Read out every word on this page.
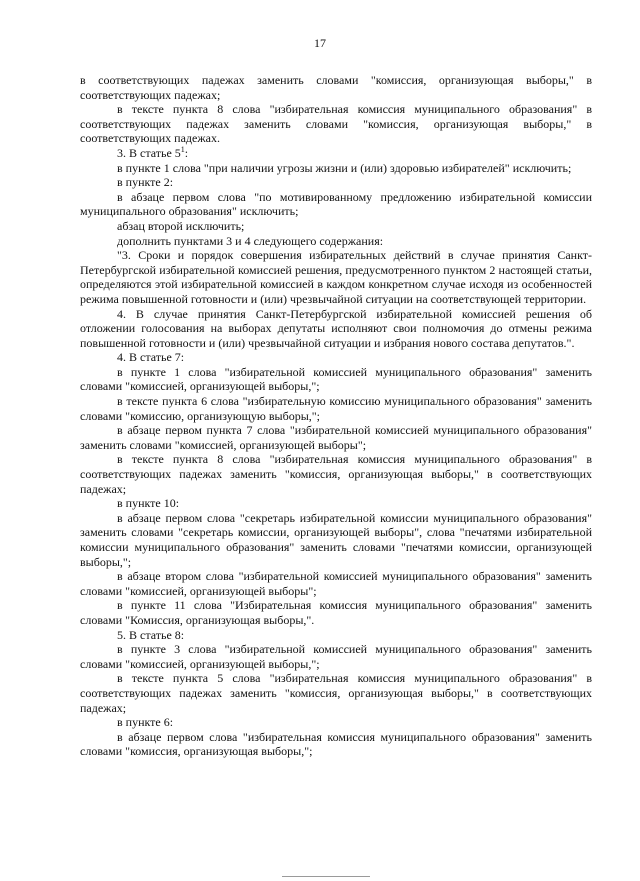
17

в соответствующих падежах заменить словами "комиссия, организующая выборы," в соответствующих падежах;

в тексте пункта 8 слова "избирательная комиссия муниципального образования" в соответствующих падежах заменить словами "комиссия, организующая выборы," в соответствующих падежах.

3. В статье $5^1$:

в пункте 1 слова "при наличии угрозы жизни и (или) здоровью избирателей" исключить;

в пункте 2:

в абзаце первом слова "по мотивированному предложению избирательной комиссии муниципального образования" исключить;

абзац второй исключить;

дополнить пунктами 3 и 4 следующего содержания:

"3. Сроки и порядок совершения избирательных действий в случае принятия Санкт-Петербургской избирательной комиссией решения, предусмотренного пунктом 2 настоящей статьи, определяются этой избирательной комиссией в каждом конкретном случае исходя из особенностей режима повышенной готовности и (или) чрезвычайной ситуации на соответствующей территории.

4. В случае принятия Санкт-Петербургской избирательной комиссией решения об отложении голосования на выборах депутаты исполняют свои полномочия до отмены режима повышенной готовности и (или) чрезвычайной ситуации и избрания нового состава депутатов.".

4. В статье 7:

в пункте 1 слова "избирательной комиссией муниципального образования" заменить словами "комиссией, организующей выборы,";

в тексте пункта 6 слова "избирательную комиссию муниципального образования" заменить словами "комиссию, организующую выборы,";

в абзаце первом пункта 7 слова "избирательной комиссией муниципального образования" заменить словами "комиссией, организующей выборы";

в тексте пункта 8 слова "избирательная комиссия муниципального образования" в соответствующих падежах заменить "комиссия, организующая выборы," в соответствующих падежах;

в пункте 10:

в абзаце первом слова "секретарь избирательной комиссии муниципального образования" заменить словами "секретарь комиссии, организующей выборы", слова "печатями избирательной комиссии муниципального образования" заменить словами "печатями комиссии, организующей выборы,";

в абзаце втором слова "избирательной комиссией муниципального образования" заменить словами "комиссией, организующей выборы";

в пункте 11 слова "Избирательная комиссия муниципального образования" заменить словами "Комиссия, организующая выборы,".

5. В статье 8:

в пункте 3 слова "избирательной комиссией муниципального образования" заменить словами "комиссией, организующей выборы,";

в тексте пункта 5 слова "избирательная комиссия муниципального образования" в соответствующих падежах заменить "комиссия, организующая выборы," в соответствующих падежах;

в пункте 6:

в абзаце первом слова "избирательная комиссия муниципального образования" заменить словами "комиссия, организующая выборы,";
